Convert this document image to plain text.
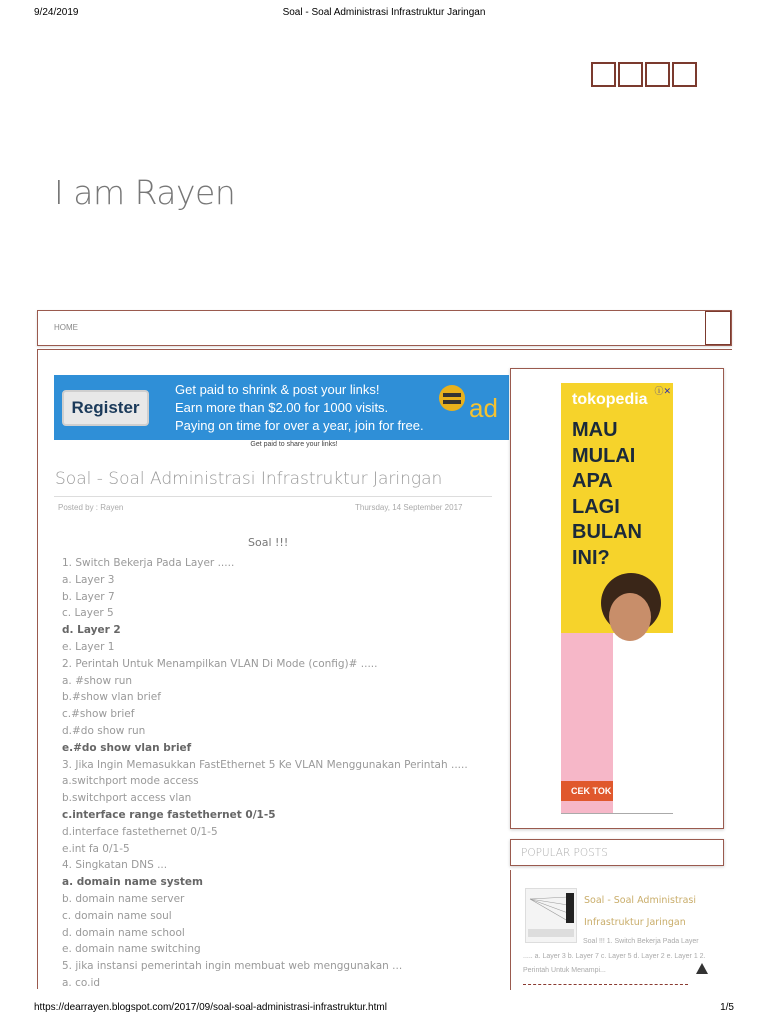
9/24/2019	Soal - Soal Administrasi Infrastruktur Jaringan
I am Rayen
HOME
Register
Get paid to shrink & post your links!
Earn more than $2.00 for 1000 visits.
Paying on time for over a year, join for free.
ad
Get paid to share your links!
Soal - Soal Administrasi Infrastruktur Jaringan
Posted by : Rayen	Thursday, 14 September 2017
Soal !!!
1. Switch Bekerja Pada Layer .....
a. Layer 3
b. Layer 7
c. Layer 5
d. Layer 2
e. Layer 1
2. Perintah Untuk Menampilkan VLAN Di Mode (config)# .....
a. #show run
b.#show vlan brief
c.#show brief
d.#do show run
e.#do show vlan brief
3. Jika Ingin Memasukkan FastEthernet 5 Ke VLAN Menggunakan Perintah .....
a.switchport mode access
b.switchport access vlan
c.interface range fastethernet 0/1-5
d.interface fastethernet 0/1-5
e.int fa 0/1-5
4. Singkatan DNS ...
a. domain name system
b. domain name server
c. domain name soul
d. domain name school
e. domain name switching
5. jika instansi pemerintah ingin membuat web menggunakan ...
a. co.id
tokopedia ⓘ✕
MAU
MULAI
APA
LAGI
BULAN
INI?
CEK TOK
POPULAR POSTS
Soal - Soal Administrasi Infrastruktur Jaringan
Soal !!! 1. Switch Bekerja Pada Layer ..... a. Layer 3 b. Layer 7 c. Layer 5 d. Layer 2 e. Layer 1 2. Perintah Untuk Menampi...
https://dearrayen.blogspot.com/2017/09/soal-soal-administrasi-infrastruktur.html	1/5
